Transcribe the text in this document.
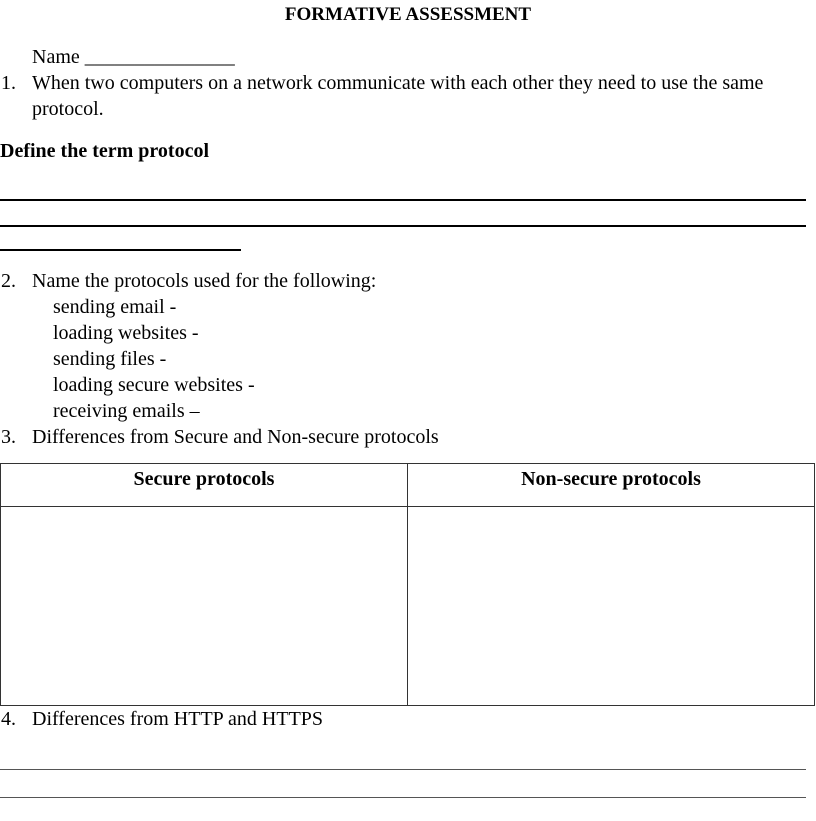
FORMATIVE ASSESSMENT
Name _______________
1. When two computers on a network communicate with each other they need to use the same
protocol.
Define the term protocol
2. Name the protocols used for the following:
sending email -
loading websites -
sending files -
loading secure websites -
receiving emails –
3. Differences from Secure and Non-secure protocols
Secure protocols	Non-secure protocols

4. Differences from HTTP and HTTPS
